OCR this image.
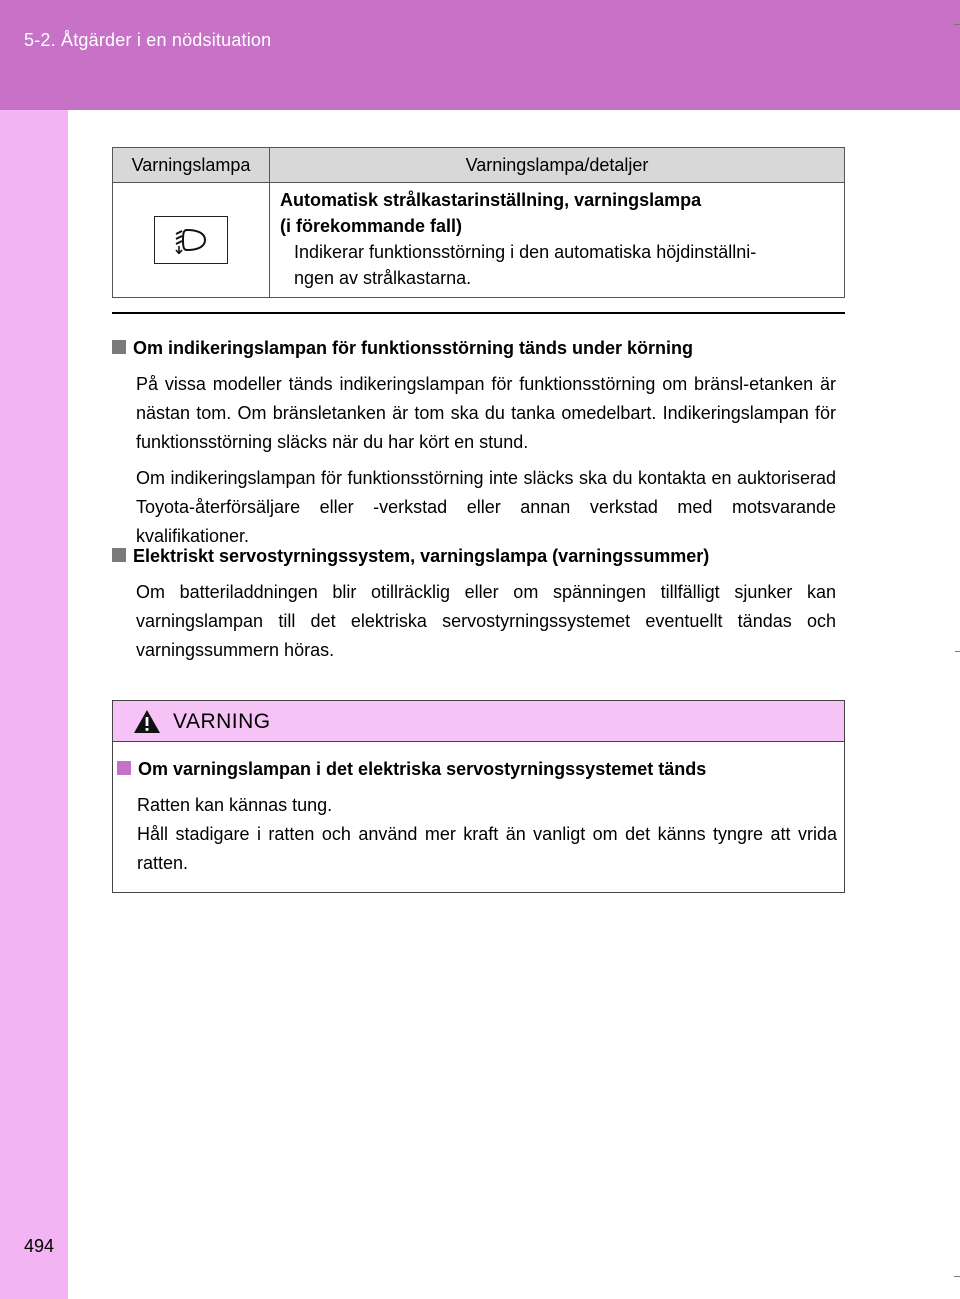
5-2. Åtgärder i en nödsituation
Varningslampa	Varningslampa/detaljer

Automatisk strålkastarinställning, varningslampa
(i förekommande fall)
Indikerar funktionsstörning i den automatiska höjdinställni-
ngen av strålkastarna.
Om indikeringslampan för funktionsstörning tänds under körning
På vissa modeller tänds indikeringslampan för funktionsstörning om bränsl-etanken är nästan tom. Om bränsletanken är tom ska du tanka omedelbart. Indikeringslampan för funktionsstörning släcks när du har kört en stund.
Om indikeringslampan för funktionsstörning inte släcks ska du kontakta en auktoriserad Toyota-återförsäljare eller -verkstad eller annan verkstad med motsvarande kvalifikationer.
Elektriskt servostyrningssystem, varningslampa (varningssummer)
Om batteriladdningen blir otillräcklig eller om spänningen tillfälligt sjunker kan varningslampan till det elektriska servostyrningssystemet eventuellt tändas och varningssummern höras.
VARNING
Om varningslampan i det elektriska servostyrningssystemet tänds
Ratten kan kännas tung.
Håll stadigare i ratten och använd mer kraft än vanligt om det känns tyngre att vrida ratten.
494
